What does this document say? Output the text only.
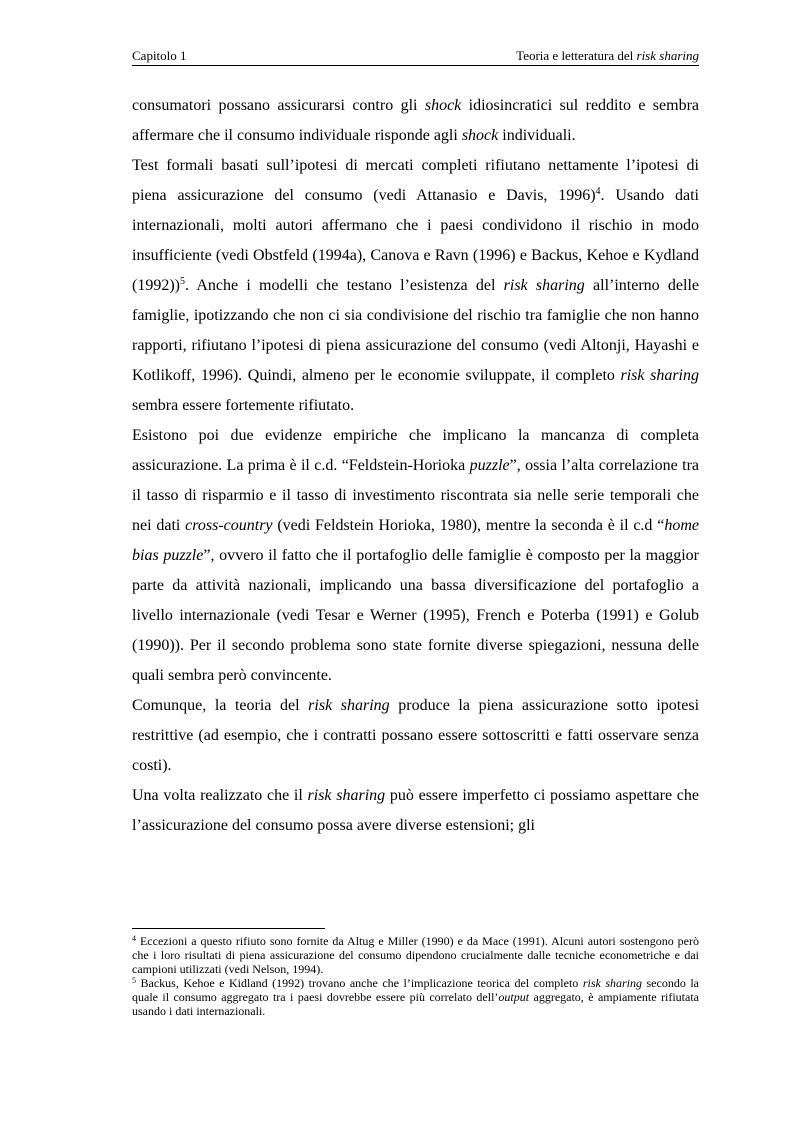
Capitolo 1	Teoria e letteratura del risk sharing

consumatori possano assicurarsi contro gli shock idiosincratici sul reddito e sembra affermare che il consumo individuale risponde agli shock individuali.

Test formali basati sull’ipotesi di mercati completi rifiutano nettamente l’ipotesi di piena assicurazione del consumo (vedi Attanasio e Davis, 1996)$^4$. Usando dati internazionali, molti autori affermano che i paesi condividono il rischio in modo insufficiente (vedi Obstfeld (1994a), Canova e Ravn (1996) e Backus, Kehoe e Kydland (1992))$^5$. Anche i modelli che testano l’esistenza del risk sharing all’interno delle famiglie, ipotizzando che non ci sia condivisione del rischio tra famiglie che non hanno rapporti, rifiutano l’ipotesi di piena assicurazione del consumo (vedi Altonji, Hayashi e Kotlikoff, 1996). Quindi, almeno per le economie sviluppate, il completo risk sharing sembra essere fortemente rifiutato.

Esistono poi due evidenze empiriche che implicano la mancanza di completa assicurazione. La prima è il c.d. “Feldstein-Horioka puzzle”, ossia l’alta correlazione tra il tasso di risparmio e il tasso di investimento riscontrata sia nelle serie temporali che nei dati cross-country (vedi Feldstein Horioka, 1980), mentre la seconda è il c.d “home bias puzzle”, ovvero il fatto che il portafoglio delle famiglie è composto per la maggior parte da attività nazionali, implicando una bassa diversificazione del portafoglio a livello internazionale (vedi Tesar e Werner (1995), French e Poterba (1991) e Golub (1990)). Per il secondo problema sono state fornite diverse spiegazioni, nessuna delle quali sembra però convincente.

Comunque, la teoria del risk sharing produce la piena assicurazione sotto ipotesi restrittive (ad esempio, che i contratti possano essere sottoscritti e fatti osservare senza costi).

Una volta realizzato che il risk sharing può essere imperfetto ci possiamo aspettare che l’assicurazione del consumo possa avere diverse estensioni; gli

$^4$ Eccezioni a questo rifiuto sono fornite da Altug e Miller (1990) e da Mace (1991). Alcuni autori sostengono però che i loro risultati di piena assicurazione del consumo dipendono crucialmente dalle tecniche econometriche e dai campioni utilizzati (vedi Nelson, 1994).

$^5$ Backus, Kehoe e Kidland (1992) trovano anche che l’implicazione teorica del completo risk sharing secondo la quale il consumo aggregato tra i paesi dovrebbe essere più correlato dell’output aggregato, è ampiamente rifiutata usando i dati internazionali.
